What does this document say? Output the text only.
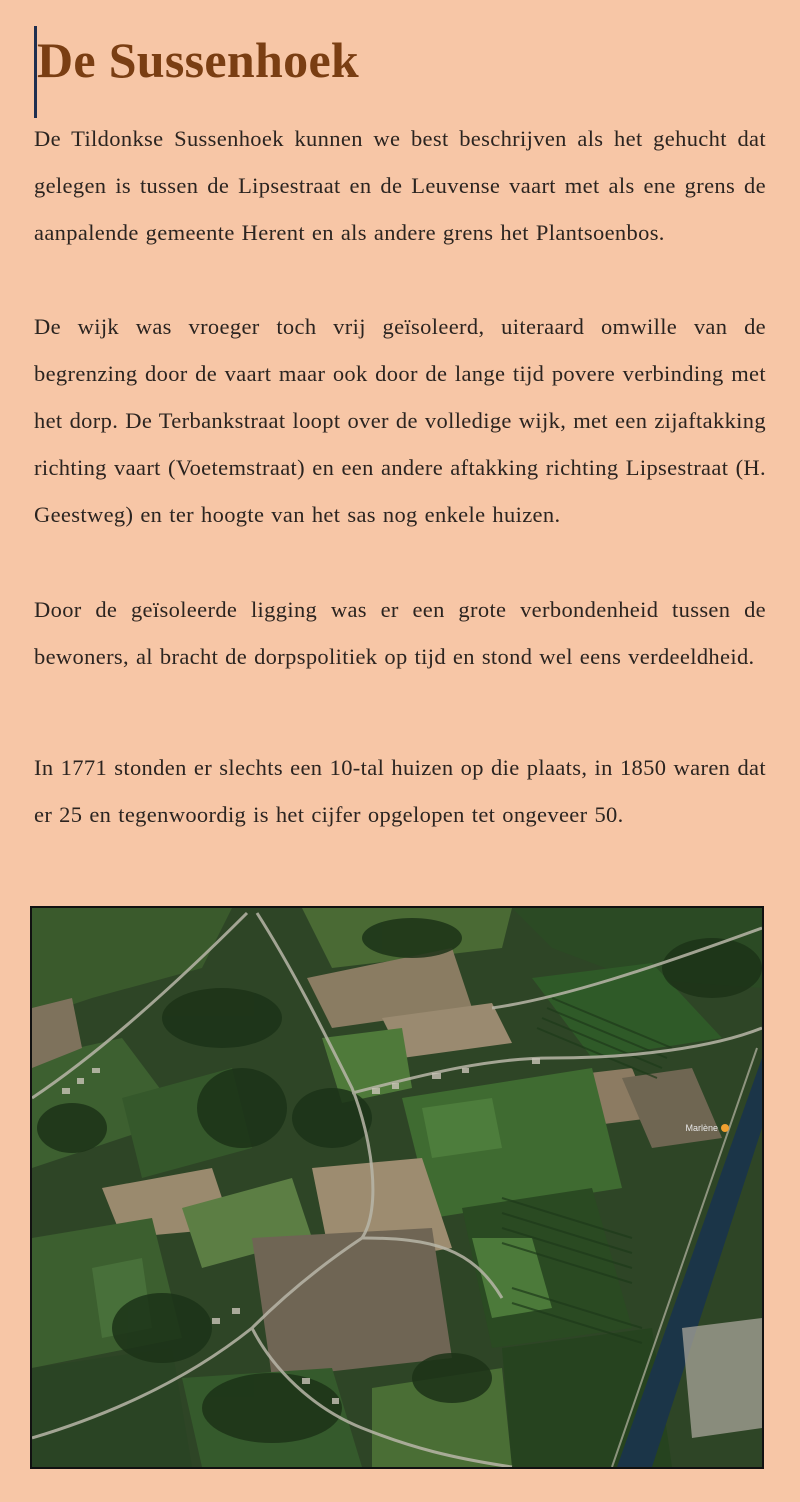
De Sussenhoek

De Tildonkse Sussenhoek kunnen we best beschrijven als het gehucht dat gelegen is tussen de Lipsestraat en de Leuvense vaart met als ene grens de aanpalende gemeente Herent en als andere grens het Plantsoenbos.

De wijk was vroeger toch vrij geïsoleerd, uiteraard omwille van de begrenzing door de vaart maar ook door de lange tijd povere verbinding met het dorp. De Terbankstraat loopt over de volledige wijk, met een zijaftakking richting vaart (Voetemstraat) en een andere aftakking richting Lipsestraat (H. Geestweg) en ter hoogte van het sas nog enkele huizen.

Door de geïsoleerde ligging was er een grote verbondenheid tussen de bewoners, al bracht de dorpspolitiek op tijd en stond wel eens verdeeldheid.

In 1771 stonden er slechts een 10-tal huizen op die plaats, in 1850 waren dat er 25 en tegenwoordig is het cijfer opgelopen tet ongeveer 50.

Marlène
